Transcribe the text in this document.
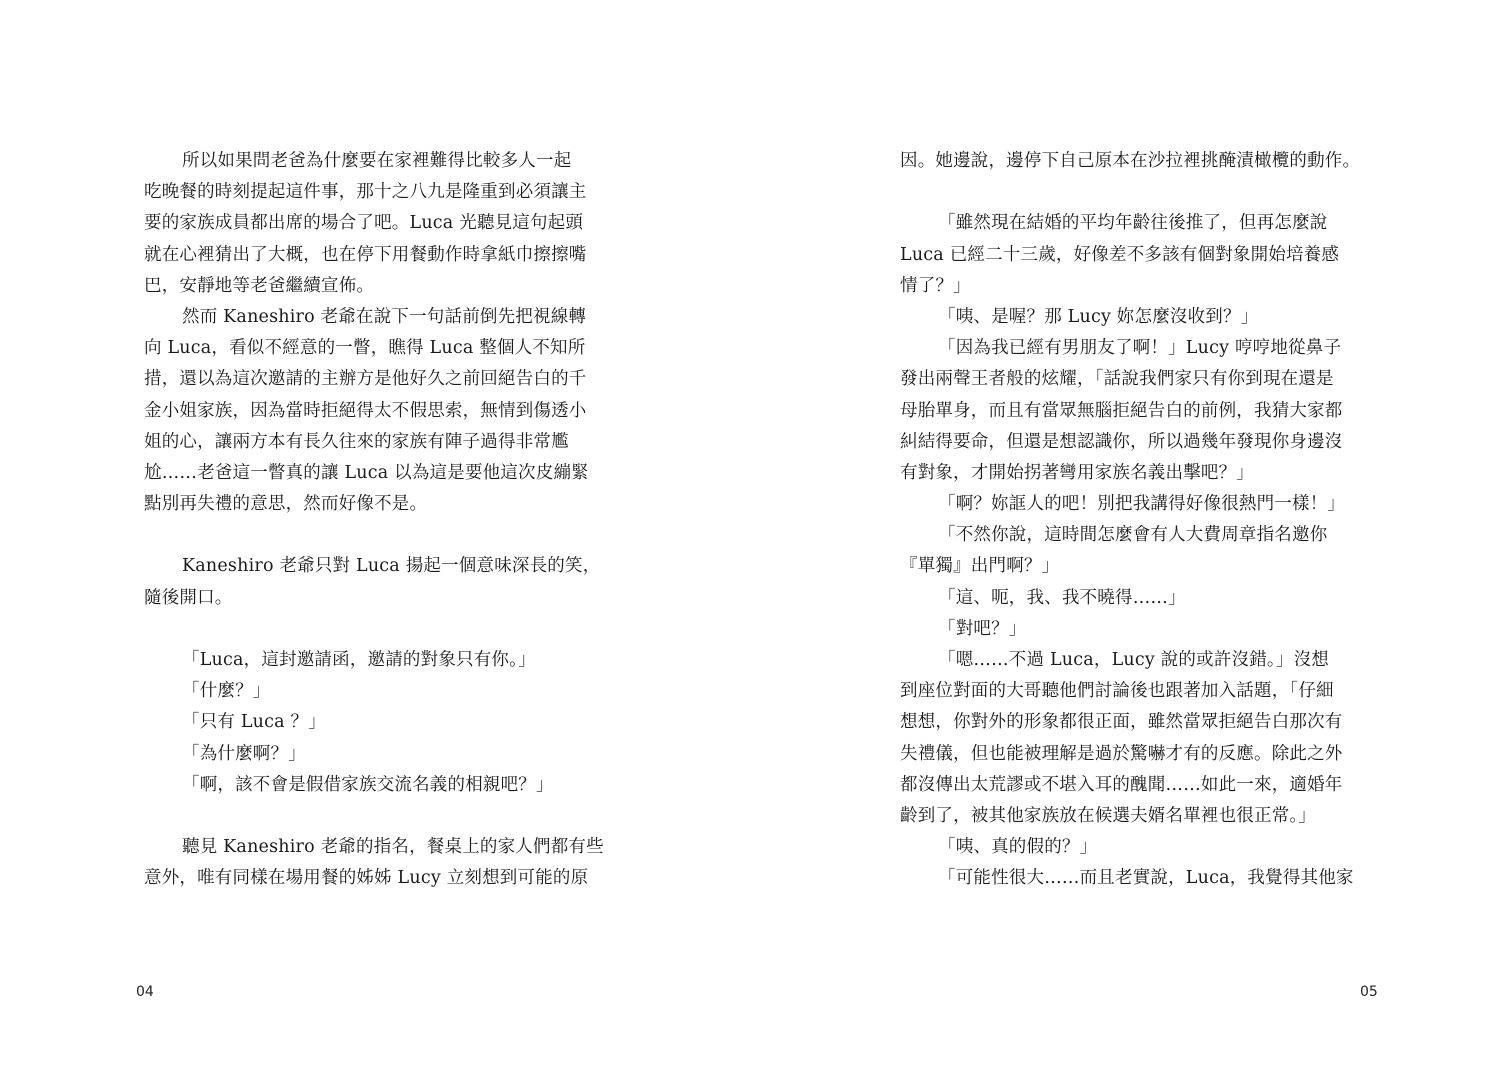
所以如果問老爸為什麼要在家裡難得比較多人一起
吃晚餐的時刻提起這件事，那十之八九是隆重到必須讓主
要的家族成員都出席的場合了吧。Luca 光聽見這句起頭
就在心裡猜出了大概，也在停下用餐動作時拿紙巾擦擦嘴
巴，安靜地等老爸繼續宣佈。
然而 Kaneshiro 老爺在說下一句話前倒先把視線轉
向 Luca，看似不經意的一瞥，瞧得 Luca 整個人不知所
措，還以為這次邀請的主辦方是他好久之前回絕告白的千
金小姐家族，因為當時拒絕得太不假思索，無情到傷透小
姐的心，讓兩方本有長久往來的家族有陣子過得非常尷
尬……老爸這一瞥真的讓 Luca 以為這是要他這次皮繃緊
點別再失禮的意思，然而好像不是。
Kaneshiro 老爺只對 Luca 揚起一個意味深長的笑，
隨後開口。
「Luca，這封邀請函，邀請的對象只有你。」
「什麼？」
「只有 Luca ？」
「為什麼啊？」
「啊，該不會是假借家族交流名義的相親吧？」
聽見 Kaneshiro 老爺的指名，餐桌上的家人們都有些
意外，唯有同樣在場用餐的姊姊 Lucy 立刻想到可能的原
因。她邊說，邊停下自己原本在沙拉裡挑醃漬橄欖的動作。
「雖然現在結婚的平均年齡往後推了，但再怎麼說
Luca 已經二十三歲，好像差不多該有個對象開始培養感
情了？」
「咦、是喔？那 Lucy 妳怎麼沒收到？」
「因為我已經有男朋友了啊！」Lucy 哼哼地從鼻子
發出兩聲王者般的炫耀，「話說我們家只有你到現在還是
母胎單身，而且有當眾無腦拒絕告白的前例，我猜大家都
糾結得要命，但還是想認識你，所以過幾年發現你身邊沒
有對象，才開始拐著彎用家族名義出擊吧？」
「啊？妳誆人的吧！別把我講得好像很熱門一樣！」
「不然你說，這時間怎麼會有人大費周章指名邀你
『單獨』出門啊？」
「這、呃，我、我不曉得……」
「對吧？」
「嗯……不過 Luca，Lucy 說的或許沒錯。」沒想
到座位對面的大哥聽他們討論後也跟著加入話題，「仔細
想想，你對外的形象都很正面，雖然當眾拒絕告白那次有
失禮儀，但也能被理解是過於驚嚇才有的反應。除此之外
都沒傳出太荒謬或不堪入耳的醜聞……如此一來，適婚年
齡到了，被其他家族放在候選夫婿名單裡也很正常。」
「咦、真的假的？」
「可能性很大……而且老實說，Luca，我覺得其他家
04	05
